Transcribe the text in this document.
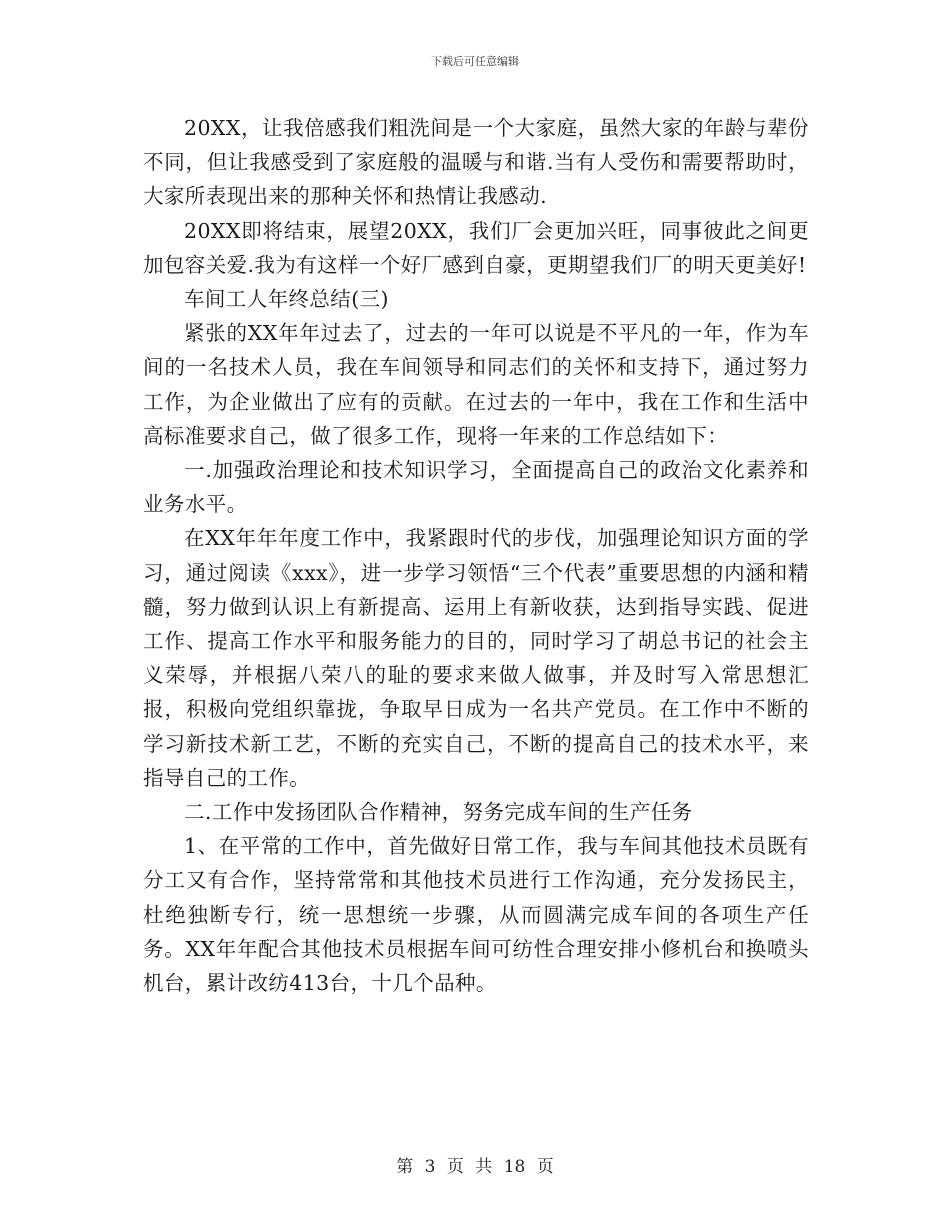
下载后可任意编辑

20XX，让我倍感我们粗洗间是一个大家庭，虽然大家的年龄与辈份不同，但让我感受到了家庭般的温暖与和谐.当有人受伤和需要帮助时，大家所表现出来的那种关怀和热情让我感动.

20XX即将结束，展望20XX，我们厂会更加兴旺，同事彼此之间更加包容关爱.我为有这样一个好厂感到自豪，更期望我们厂的明天更美好!

车间工人年终总结(三)

紧张的XX年年过去了，过去的一年可以说是不平凡的一年，作为车间的一名技术人员，我在车间领导和同志们的关怀和支持下，通过努力工作，为企业做出了应有的贡献。在过去的一年中，我在工作和生活中高标准要求自己，做了很多工作，现将一年来的工作总结如下：

一.加强政治理论和技术知识学习，全面提高自己的政治文化素养和业务水平。

在XX年年年度工作中，我紧跟时代的步伐，加强理论知识方面的学习，通过阅读《xxx》，进一步学习领悟“三个代表”重要思想的内涵和精髓，努力做到认识上有新提高、运用上有新收获，达到指导实践、促进工作、提高工作水平和服务能力的目的，同时学习了胡总书记的社会主义荣辱，并根据八荣八的耻的要求来做人做事，并及时写入常思想汇报，积极向党组织靠拢，争取早日成为一名共产党员。在工作中不断的学习新技术新工艺，不断的充实自己，不断的提高自己的技术水平，来指导自己的工作。

二.工作中发扬团队合作精神，努务完成车间的生产任务

1、在平常的工作中，首先做好日常工作，我与车间其他技术员既有分工又有合作，坚持常常和其他技术员进行工作沟通，充分发扬民主，杜绝独断专行，统一思想统一步骤，从而圆满完成车间的各项生产任务。XX年年配合其他技术员根据车间可纺性合理安排小修机台和换喷头机台，累计改纺413台，十几个品种。

第 3 页 共 18 页
